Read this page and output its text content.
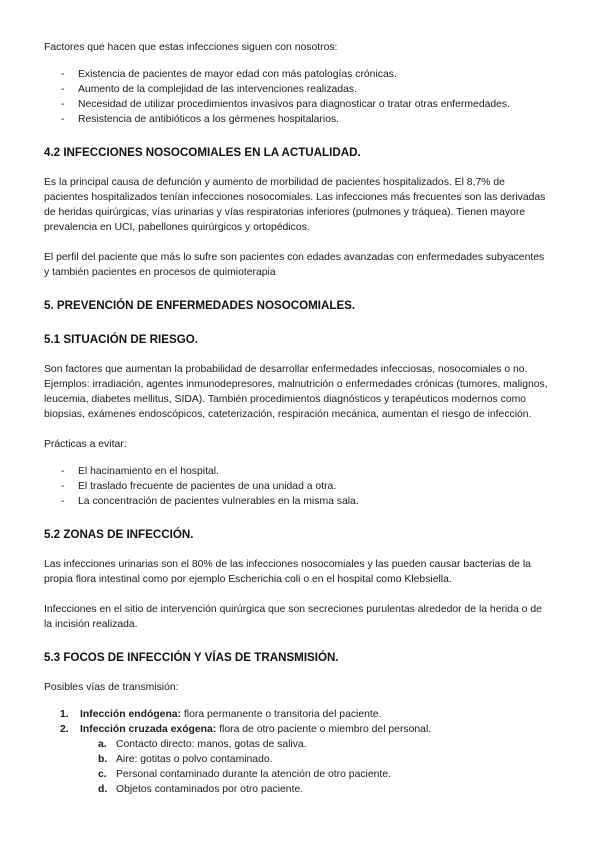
Factores que hacen que estas infecciones siguen con nosotros:

- Existencia de pacientes de mayor edad con más patologías crónicas.
- Aumento de la complejidad de las intervenciones realizadas.
- Necesidad de utilizar procedimientos invasivos para diagnosticar o tratar otras enfermedades.
- Resistencia de antibióticos a los gérmenes hospitalarios.
4.2 INFECCIONES NOSOCOMIALES EN LA ACTUALIDAD.

Es la principal causa de defunción y aumento de morbilidad de pacientes hospitalizados. El 8,7% de pacientes hospitalizados tenían infecciones nosocomiales. Las infecciones más frecuentes son las derivadas de heridas quirúrgicas, vías urinarias y vías respiratorias inferiores (pulmones y tráquea). Tienen mayore prevalencia en UCI, pabellones quirúrgicos y ortopédicos.

El perfil del paciente que más lo sufre son pacientes con edades avanzadas con enfermedades subyacentes y también pacientes en procesos de quimioterapia

5. PREVENCIÓN DE ENFERMEDADES NOSOCOMIALES.
5.1 SITUACIÓN DE RIESGO.

Son factores que aumentan la probabilidad de desarrollar enfermedades infecciosas, nosocomiales o no. Ejemplos: irradiación, agentes inmunodepresores, malnutrición o enfermedades crónicas (tumores, malignos, leucemia, diabetes mellitus, SIDA). También procedimientos diagnósticos y terapéuticos modernos como biopsias, exámenes endoscópicos, cateterización, respiración mecánica, aumentan el riesgo de infección.

Prácticas a evitar:

- El hacinamiento en el hospital.
- El traslado frecuente de pacientes de una unidad a otra.
- La concentración de pacientes vulnerables en la misma sala.
5.2 ZONAS DE INFECCIÓN.

Las infecciones urinarias son el 80% de las infecciones nosocomiales y las pueden causar bacterias de la propia flora intestinal como por ejemplo Escherichia coli o en el hospital como Klebsiella.

Infecciones en el sitio de intervención quirúrgica que son secreciones purulentas alrededor de la herida o de la incisión realizada.

5.3 FOCOS DE INFECCIÓN Y VÍAS DE TRANSMISIÓN.

Posibles vías de transmisión:

1. Infección endógena: flora permanente o transitoria del paciente.
2. Infección cruzada exógena: flora de otro paciente o miembro del personal.
a. Contacto directo: manos, gotas de saliva.
b. Aire: gotitas o polvo contaminado.
c. Personal contaminado durante la atención de otro paciente.
d. Objetos contaminados por otro paciente.
